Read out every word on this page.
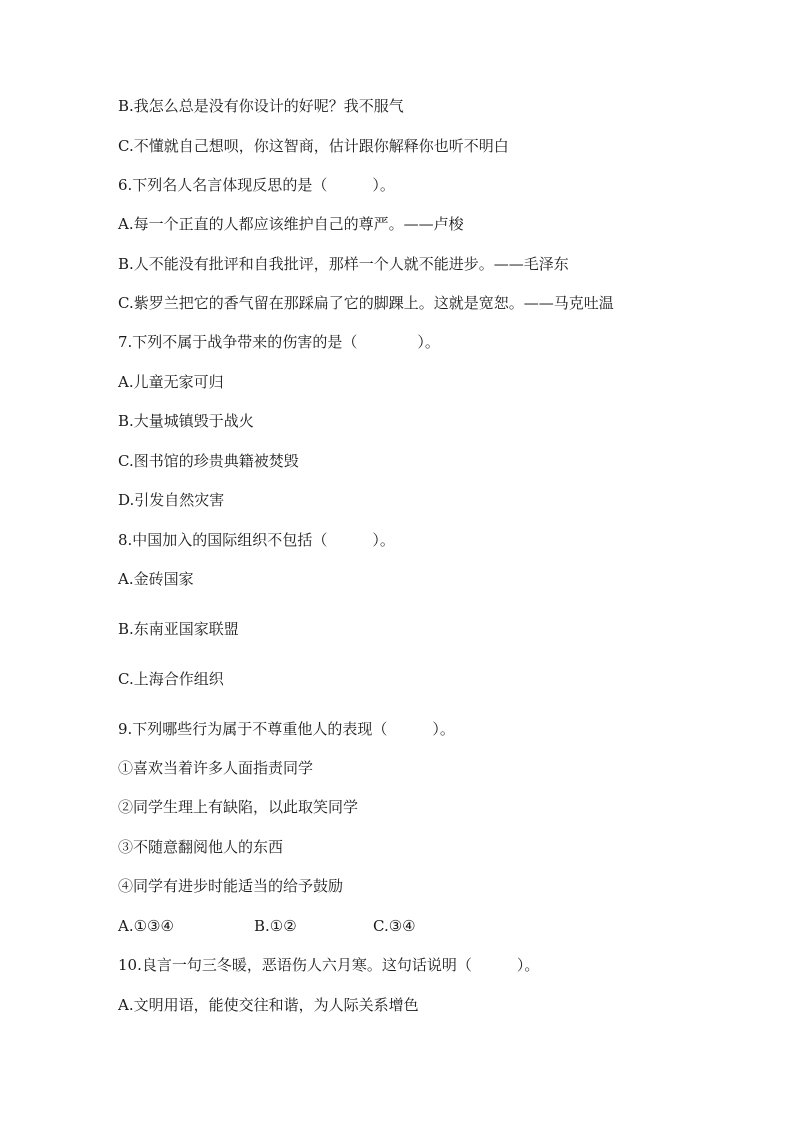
B.我怎么总是没有你设计的好呢？我不服气
C.不懂就自己想呗，你这智商，估计跟你解释你也听不明白
6.下列名人名言体现反思的是（　　　）。
A.每一个正直的人都应该维护自己的尊严。——卢梭
B.人不能没有批评和自我批评，那样一个人就不能进步。——毛泽东
C.紫罗兰把它的香气留在那踩扁了它的脚踝上。这就是宽恕。——马克吐温
7.下列不属于战争带来的伤害的是（　　　　）。
A.儿童无家可归
B.大量城镇毁于战火
C.图书馆的珍贵典籍被焚毁
D.引发自然灾害
8.中国加入的国际组织不包括（　　　）。
A.金砖国家
B.东南亚国家联盟
C.上海合作组织
9.下列哪些行为属于不尊重他人的表现（　　　）。
①喜欢当着许多人面指责同学
②同学生理上有缺陷，以此取笑同学
③不随意翻阅他人的东西
④同学有进步时能适当的给予鼓励
A.①③④	B.①②	C.③④
10.良言一句三冬暖，恶语伤人六月寒。这句话说明（　　　）。
A.文明用语，能使交往和谐，为人际关系增色
